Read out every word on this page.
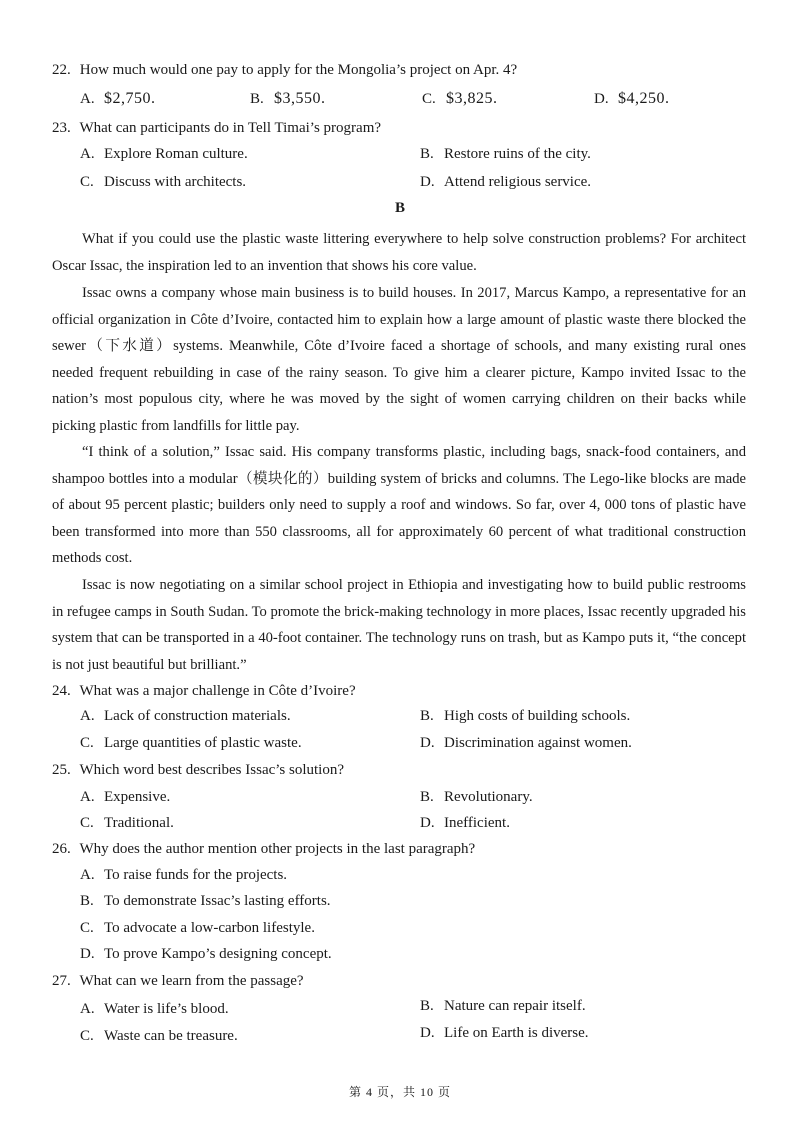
22. How much would one pay to apply for the Mongolia’s project on Apr. 4?
A. $2,750.	B. $3,550.	C. $3,825.	D. $4,250.
23. What can participants do in Tell Timai’s program?
A. Explore Roman culture.	B. Restore ruins of the city.
C. Discuss with architects.	D. Attend religious service.
B

What if you could use the plastic waste littering everywhere to help solve construction problems? For architect Oscar Issac, the inspiration led to an invention that shows his core value.

Issac owns a company whose main business is to build houses. In 2017, Marcus Kampo, a representative for an official organization in Côte d’Ivoire, contacted him to explain how a large amount of plastic waste there blocked the sewer（下水道）systems. Meanwhile, Côte d’Ivoire faced a shortage of schools, and many existing rural ones needed frequent rebuilding in case of the rainy season. To give him a clearer picture, Kampo invited Issac to the nation’s most populous city, where he was moved by the sight of women carrying children on their backs while picking plastic from landfills for little pay.

“I think of a solution,” Issac said. His company transforms plastic, including bags, snack-food containers, and shampoo bottles into a modular（模块化的）building system of bricks and columns. The Lego-like blocks are made of about 95 percent plastic; builders only need to supply a roof and windows. So far, over 4, 000 tons of plastic have been transformed into more than 550 classrooms, all for approximately 60 percent of what traditional construction methods cost.

Issac is now negotiating on a similar school project in Ethiopia and investigating how to build public restrooms in refugee camps in South Sudan. To promote the brick-making technology in more places, Issac recently upgraded his system that can be transported in a 40-foot container. The technology runs on trash, but as Kampo puts it, “the concept is not just beautiful but brilliant.”

24. What was a major challenge in Côte d’Ivoire?
A. Lack of construction materials.	B. High costs of building schools.
C. Large quantities of plastic waste.	D. Discrimination against women.
25. Which word best describes Issac’s solution?
A. Expensive.	B. Revolutionary.
C. Traditional.	D. Inefficient.
26. Why does the author mention other projects in the last paragraph?
A. To raise funds for the projects.
B. To demonstrate Issac’s lasting efforts.
C. To advocate a low-carbon lifestyle.
D. To prove Kampo’s designing concept.
27. What can we learn from the passage?
A. Water is life’s blood.	B. Nature can repair itself.
C. Waste can be treasure.	D. Life on Earth is diverse.
第 4 页，共 10 页
